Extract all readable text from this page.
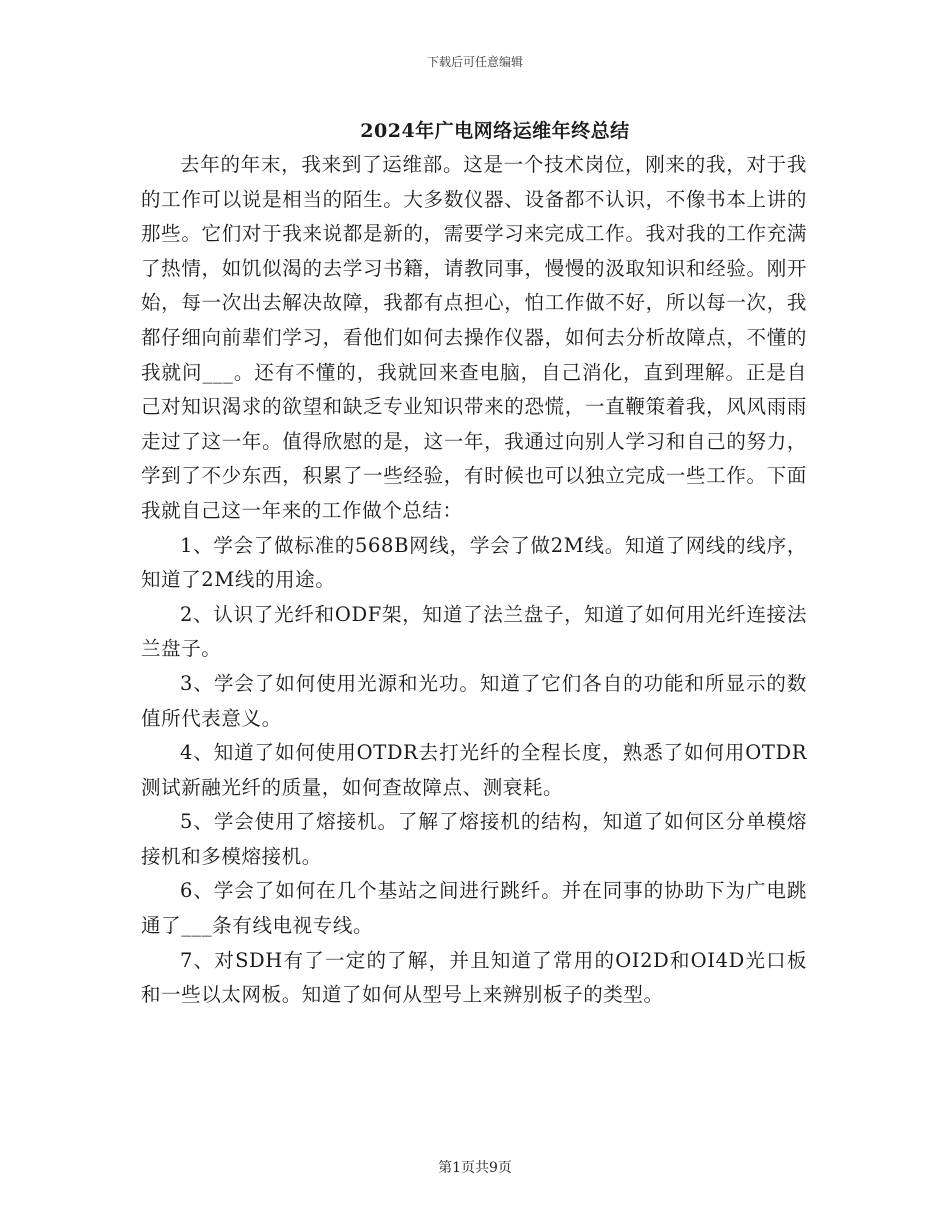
下载后可任意编辑
2024年广电网络运维年终总结

去年的年末，我来到了运维部。这是一个技术岗位，刚来的我，对于我的工作可以说是相当的陌生。大多数仪器、设备都不认识，不像书本上讲的那些。它们对于我来说都是新的，需要学习来完成工作。我对我的工作充满了热情，如饥似渴的去学习书籍，请教同事，慢慢的汲取知识和经验。刚开始，每一次出去解决故障，我都有点担心，怕工作做不好，所以每一次，我都仔细向前辈们学习，看他们如何去操作仪器，如何去分析故障点，不懂的我就问___。还有不懂的，我就回来查电脑，自己消化，直到理解。正是自己对知识渴求的欲望和缺乏专业知识带来的恐慌，一直鞭策着我，风风雨雨走过了这一年。值得欣慰的是，这一年，我通过向别人学习和自己的努力，学到了不少东西，积累了一些经验，有时候也可以独立完成一些工作。下面我就自己这一年来的工作做个总结：

1、学会了做标准的568B网线，学会了做2M线。知道了网线的线序，知道了2M线的用途。

2、认识了光纤和ODF架，知道了法兰盘子，知道了如何用光纤连接法兰盘子。

3、学会了如何使用光源和光功。知道了它们各自的功能和所显示的数值所代表意义。

4、知道了如何使用OTDR去打光纤的全程长度，熟悉了如何用OTDR测试新融光纤的质量，如何查故障点、测衰耗。

5、学会使用了熔接机。了解了熔接机的结构，知道了如何区分单模熔接机和多模熔接机。

6、学会了如何在几个基站之间进行跳纤。并在同事的协助下为广电跳通了___条有线电视专线。

7、对SDH有了一定的了解，并且知道了常用的OI2D和OI4D光口板和一些以太网板。知道了如何从型号上来辨别板子的类型。

第1页共9页
